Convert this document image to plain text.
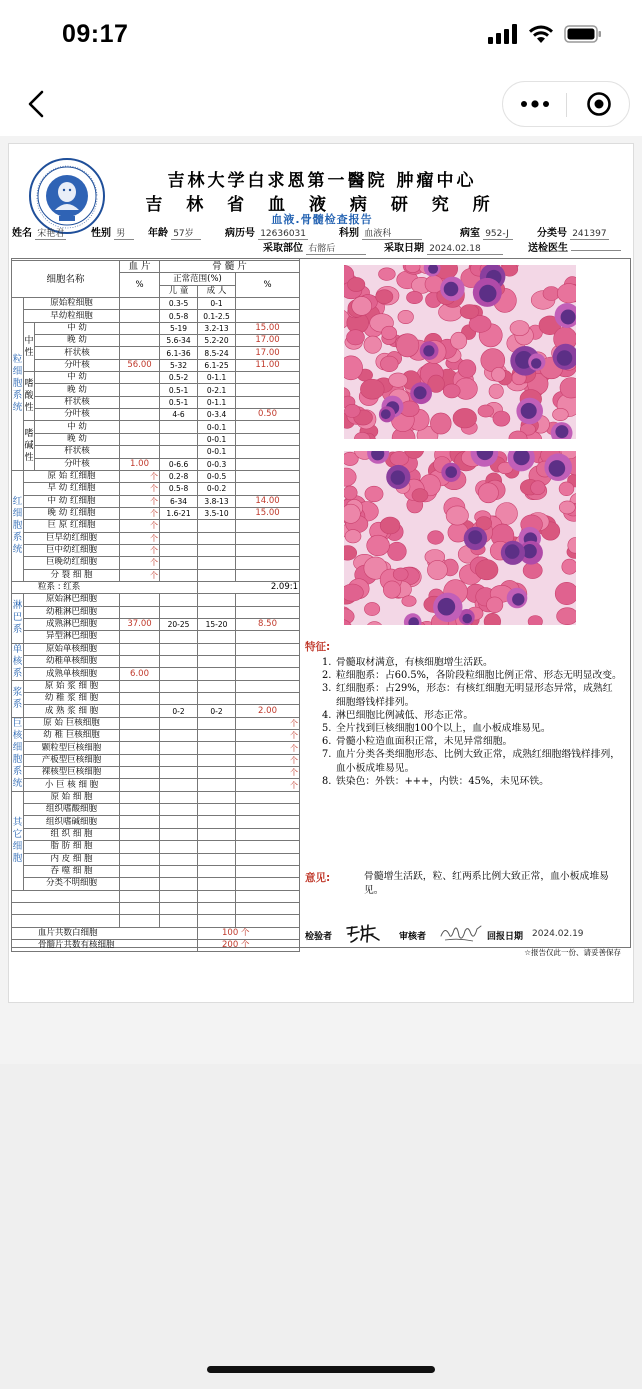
09:17
吉林大学白求恩第一醫院 肿瘤中心
吉 林 省 血 液 病 研 究 所
血液.骨髓检查报告
姓名 宋艳君	性别 男	年龄 57岁	病历号 12636031	科别 血液科	病室 952-J	分类号 241397
采取部位 右髂后	采取日期 2024.02.18	送检医生
细胞名称			血 片	骨 髓 片		
			%	正常范围(%)		%
				儿 童	成 人	
粒细胞系统	原始粒细胞			0.3-5	0-1	
	早幼粒细胞			0.5-8	0.1-2.5	
	中性	中 幼		5-19	3.2-13	15.00
		晚 幼		5.6-34	5.2-20	17.00
		杆状核		6.1-36	8.5-24	17.00
		分叶核	56.00	5-32	6.1-25	11.00
	嗜酸性	中 幼		0.5-2	0-1.1	
		晚 幼		0.5-1	0-2.1	
		杆状核		0.5-1	0-1.1	
		分叶核		4-6	0-3.4	0.50
	嗜碱性	中 幼			0-0.1	
		晚 幼			0-0.1	
		杆状核			0-0.1	
		分叶核	1.00	0-6.6	0-0.3	
红细胞系统	原 始 红细胞		个	0.2-8	0-0.5	
	早 幼 红细胞		个	0.5-8	0-0.2	
	中 幼 红细胞		个	6-34	3.8-13	14.00
	晚 幼 红细胞		个	1.6-21	3.5-10	15.00
	巨 原 红细胞		个			
	巨早幼红细胞		个			
	巨中幼红细胞		个			
	巨晚幼红细胞		个			
	分 裂 细 胞		个			
粒系 : 红系					2.09:1	
淋巴系	原始淋巴细胞					
	幼稚淋巴细胞					
	成熟淋巴细胞		37.00	20-25	15-20	8.50
	异型淋巴细胞					
单核系	原始单核细胞					
	幼稚单核细胞					
	成熟单核细胞		6.00			
浆系	原 始 浆 细 胞					
	幼 稚 浆 细 胞					
	成 熟 浆 细 胞			0-2	0-2	2.00
巨核细胞系统	原 始 巨核细胞					个
	幼 稚 巨核细胞					个
	颗粒型巨核细胞					个
	产板型巨核细胞					个
	裸核型巨核细胞					个
	小 巨 核 细 胞					个
其它细胞	原 始 细 胞					
	组织嗜酸细胞					
	组织嗜碱细胞					
	组 织 细 胞					
	脂 肪 细 胞					
	内 皮 细 胞					
	吞 噬 细 胞					
	分类不明细胞					

血片共数白细胞					100 个	
骨髓片共数有核细胞					200 个	
特征:
1. 骨髓取材满意，有核细胞增生活跃。
2. 粒细胞系：占60.5%，各阶段粒细胞比例正常、形态无明显改变。
3. 红细胞系：占29%，形态：有核红细胞无明显形态异常，成熟红细胞缗钱样排列。
4. 淋巴细胞比例减低、形态正常。
5. 全片找到巨核细胞100个以上，血小板成堆易见。
6. 骨髓小粒造血面积正常，未见异常细胞。
7. 血片分类各类细胞形态、比例大致正常，成熟红细胞缗钱样排列，血小板成堆易见。
8. 铁染色：外铁：+++，内铁：45%，未见环铁。
意见:	骨髓增生活跃，粒、红两系比例大致正常，血小板成堆易见。
检验者	审核者	回报日期 2024.02.19
☆报告仅此一份、请妥善保存
